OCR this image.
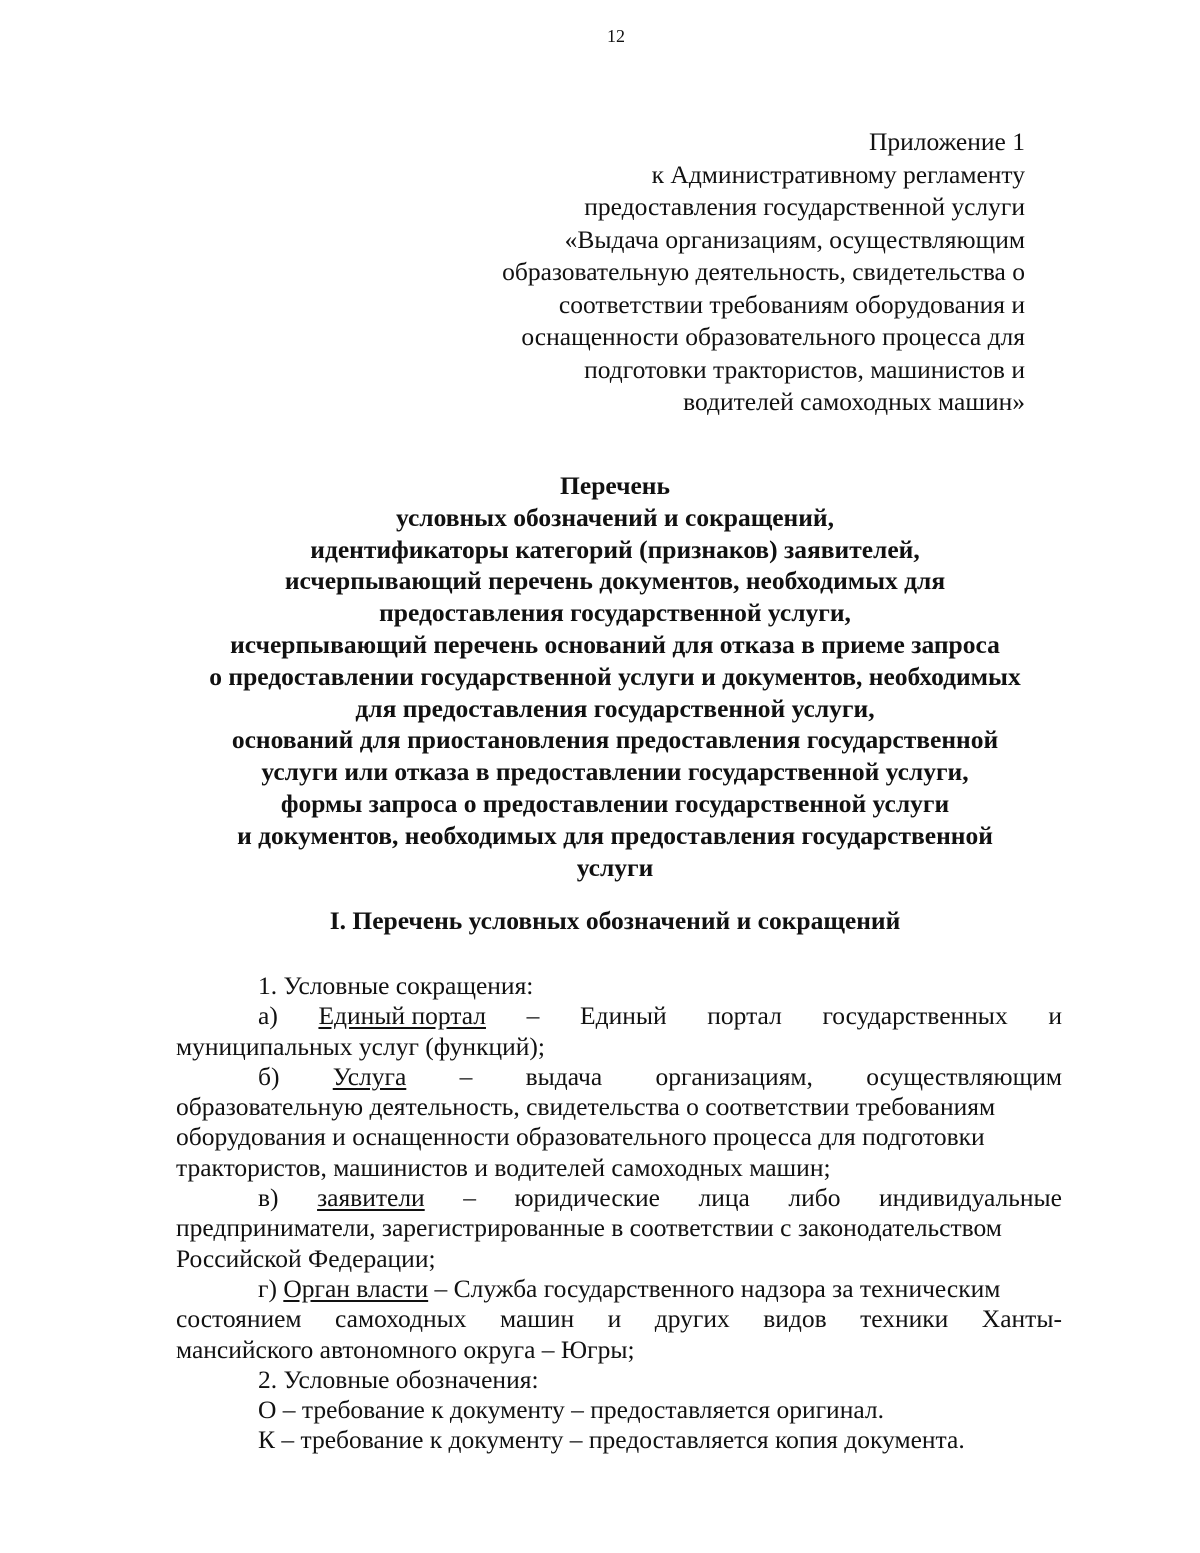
12
Приложение 1
к Административному регламенту
предоставления государственной услуги
«Выдача организациям, осуществляющим
образовательную деятельность, свидетельства о
соответствии требованиям оборудования и
оснащенности образовательного процесса для
подготовки трактористов, машинистов и
водителей самоходных машин»
Перечень
условных обозначений и сокращений,
идентификаторы категорий (признаков) заявителей,
исчерпывающий перечень документов, необходимых для
предоставления государственной услуги,
исчерпывающий перечень оснований для отказа в приеме запроса
о предоставлении государственной услуги и документов, необходимых
для предоставления государственной услуги,
оснований для приостановления предоставления государственной
услуги или отказа в предоставлении государственной услуги,
формы запроса о предоставлении государственной услуги
и документов, необходимых для предоставления государственной
услуги
I. Перечень условных обозначений и сокращений
1. Условные сокращения:
а) Единый портал – Единый портал государственных и
муниципальных услуг (функций);
б) Услуга – выдача организациям, осуществляющим
образовательную деятельность, свидетельства о соответствии требованиям
оборудования и оснащенности образовательного процесса для подготовки
трактористов, машинистов и водителей самоходных машин;
в) заявители – юридические лица либо индивидуальные
предприниматели, зарегистрированные в соответствии с законодательством
Российской Федерации;
г) Орган власти – Служба государственного надзора за техническим
состоянием самоходных машин и других видов техники Ханты-
мансийского автономного округа – Югры;
2. Условные обозначения:
О – требование к документу – предоставляется оригинал.
К – требование к документу – предоставляется копия документа.
